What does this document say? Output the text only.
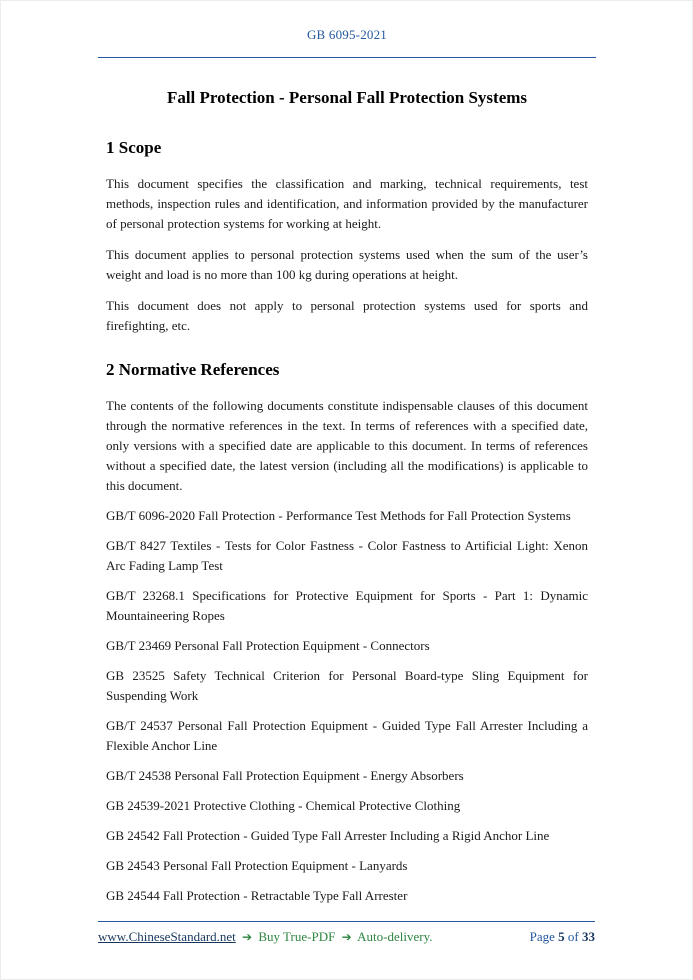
GB 6095-2021
Fall Protection - Personal Fall Protection Systems
1 Scope

This document specifies the classification and marking, technical requirements, test methods, inspection rules and identification, and information provided by the manufacturer of personal protection systems for working at height.

This document applies to personal protection systems used when the sum of the user’s weight and load is no more than 100 kg during operations at height.

This document does not apply to personal protection systems used for sports and firefighting, etc.

2 Normative References

The contents of the following documents constitute indispensable clauses of this document through the normative references in the text. In terms of references with a specified date, only versions with a specified date are applicable to this document. In terms of references without a specified date, the latest version (including all the modifications) is applicable to this document.

GB/T 6096-2020 Fall Protection - Performance Test Methods for Fall Protection Systems

GB/T 8427 Textiles - Tests for Color Fastness - Color Fastness to Artificial Light: Xenon Arc Fading Lamp Test

GB/T 23268.1 Specifications for Protective Equipment for Sports - Part 1: Dynamic Mountaineering Ropes

GB/T 23469 Personal Fall Protection Equipment - Connectors

GB 23525 Safety Technical Criterion for Personal Board-type Sling Equipment for Suspending Work

GB/T 24537 Personal Fall Protection Equipment - Guided Type Fall Arrester Including a Flexible Anchor Line

GB/T 24538 Personal Fall Protection Equipment - Energy Absorbers

GB 24539-2021 Protective Clothing - Chemical Protective Clothing

GB 24542 Fall Protection - Guided Type Fall Arrester Including a Rigid Anchor Line

GB 24543 Personal Fall Protection Equipment - Lanyards

GB 24544 Fall Protection - Retractable Type Fall Arrester

www.ChineseStandard.net ➔ Buy True-PDF ➔ Auto-delivery.	Page 5 of 33
